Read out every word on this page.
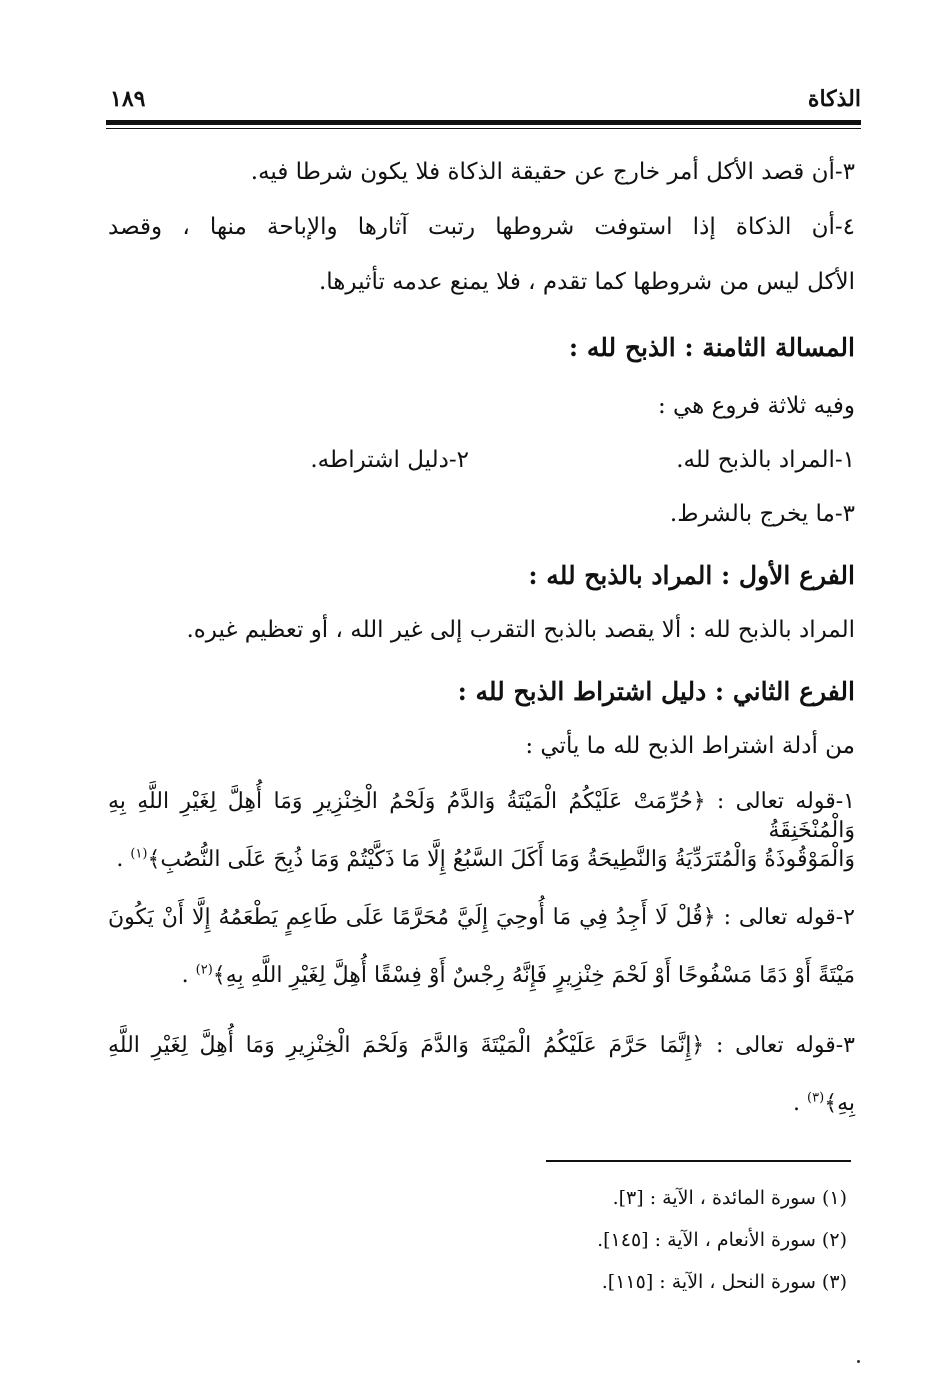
الذكاة
١٨٩
٣-أن قصد الأكل أمر خارج عن حقيقة الذكاة فلا يكون شرطا فيه.
٤-أن الذكاة إذا استوفت شروطها رتبت آثارها والإباحة منها ، وقصد
الأكل ليس من شروطها كما تقدم ، فلا يمنع عدمه تأثيرها.
المسالة الثامنة : الذبح لله :
وفيه ثلاثة فروع هي :
١-المراد بالذبح لله.
٢-دليل اشتراطه.
٣-ما يخرج بالشرط.
الفرع الأول : المراد بالذبح لله :
المراد بالذبح لله : ألا يقصد بالذبح التقرب إلى غير الله ، أو تعظيم غيره.
الفرع الثاني : دليل اشتراط الذبح لله :
من أدلة اشتراط الذبح لله ما يأتي :
١-قوله تعالى : ﴿حُرِّمَتْ عَلَيْكُمُ الْمَيْتَةُ وَالدَّمُ وَلَحْمُ الْخِنْزِيرِ وَمَا أُهِلَّ لِغَيْرِ اللَّهِ بِهِ وَالْمُنْخَنِقَةُ
وَالْمَوْقُوذَةُ وَالْمُتَرَدِّيَةُ وَالنَّطِيحَةُ وَمَا أَكَلَ السَّبُعُ إِلَّا مَا ذَكَّيْتُمْ وَمَا ذُبِحَ عَلَى النُّصُبِ﴾$^{(١)}$ .
٢-قوله تعالى : ﴿قُلْ لَا أَجِدُ فِي مَا أُوحِيَ إِلَيَّ مُحَرَّمًا عَلَى طَاعِمٍ يَطْعَمُهُ إِلَّا أَنْ يَكُونَ
مَيْتَةً أَوْ دَمًا مَسْفُوحًا أَوْ لَحْمَ خِنْزِيرٍ فَإِنَّهُ رِجْسٌ أَوْ فِسْقًا أُهِلَّ لِغَيْرِ اللَّهِ بِهِ﴾$^{(٢)}$ .
٣-قوله تعالى : ﴿إِنَّمَا حَرَّمَ عَلَيْكُمُ الْمَيْتَةَ وَالدَّمَ وَلَحْمَ الْخِنْزِيرِ وَمَا أُهِلَّ لِغَيْرِ اللَّهِ
بِهِ﴾$^{(٣)}$ .
(١) سورة المائدة ، الآية : [٣].
(٢) سورة الأنعام ، الآية : [١٤٥].
(٣) سورة النحل ، الآية : [١١٥].
